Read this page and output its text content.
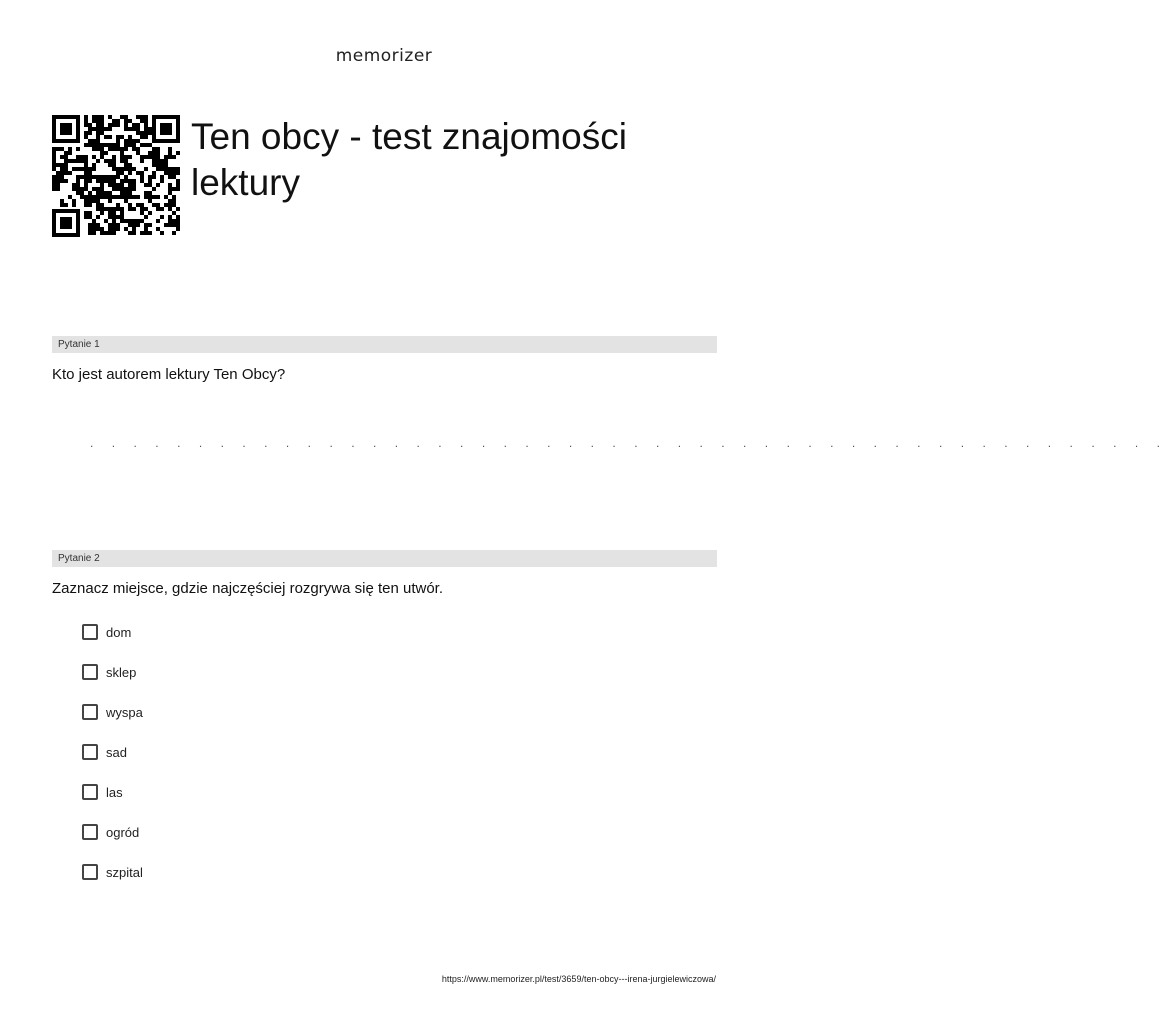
memorizer
Ten obcy - test znajomości lektury
Pytanie 1
Kto jest autorem lektury Ten Obcy?
. . . . . . . . . . . . . . . . . . . . . . . . . . . . . . . . . . . . . . . . . . . . . . . . . .
Pytanie 2
Zaznacz miejsce, gdzie najczęściej rozgrywa się ten utwór.
dom
sklep
wyspa
sad
las
ogród
szpital
https://www.memorizer.pl/test/3659/ten-obcy---irena-jurgielewiczowa/
